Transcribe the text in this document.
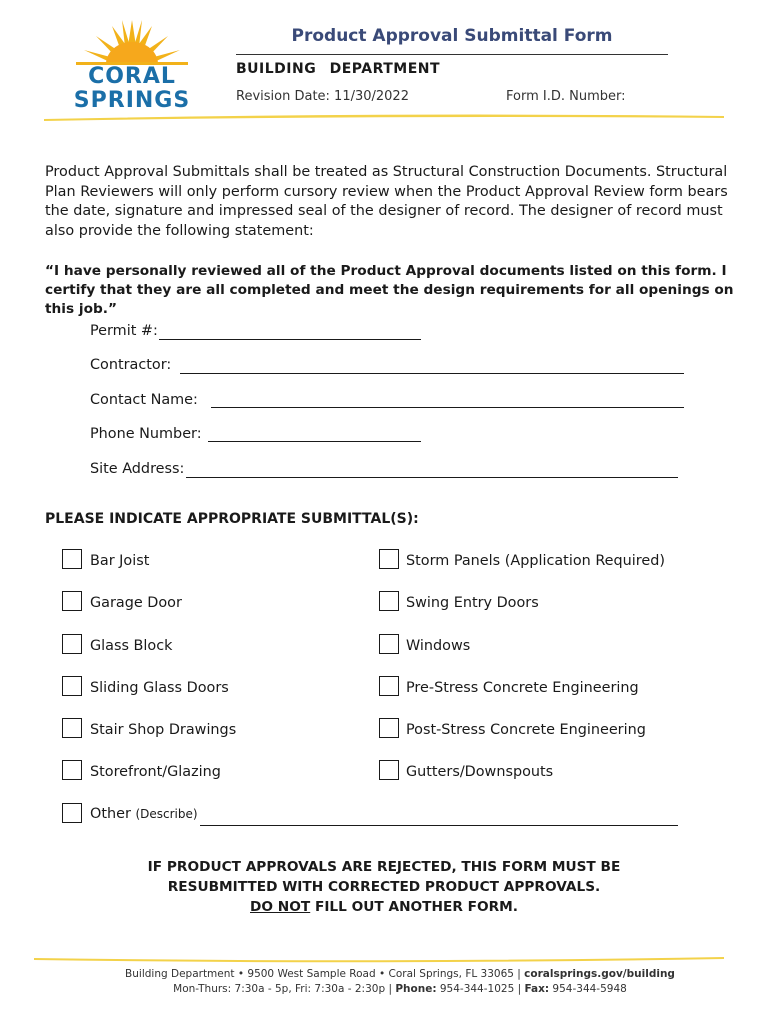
CORAL
SPRINGS
Product Approval Submittal Form
BUILDING DEPARTMENT
Revision Date: 11/30/2022	Form I.D. Number:
Product Approval Submittals shall be treated as Structural Construction Documents. Structural Plan Reviewers will only perform cursory review when the Product Approval Review form bears the date, signature and impressed seal of the designer of record. The designer of record must also provide the following statement:
“I have personally reviewed all of the Product Approval documents listed on this form. I certify that they are all completed and meet the design requirements for all openings on this job.”
Permit #:
Contractor:
Contact Name:
Phone Number:
Site Address:
PLEASE INDICATE APPROPRIATE SUBMITTAL(S):
Bar Joist
Garage Door
Glass Block
Sliding Glass Doors
Stair Shop Drawings
Storefront/Glazing
Storm Panels (Application Required)
Swing Entry Doors
Windows
Pre-Stress Concrete Engineering
Post-Stress Concrete Engineering
Gutters/Downspouts
Other (Describe)
IF PRODUCT APPROVALS ARE REJECTED, THIS FORM MUST BE
RESUBMITTED WITH CORRECTED PRODUCT APPROVALS.
DO NOT FILL OUT ANOTHER FORM.
Building Department • 9500 West Sample Road • Coral Springs, FL 33065 | coralsprings.gov/building
Mon-Thurs: 7:30a - 5p, Fri: 7:30a - 2:30p | Phone: 954-344-1025 | Fax: 954-344-5948
